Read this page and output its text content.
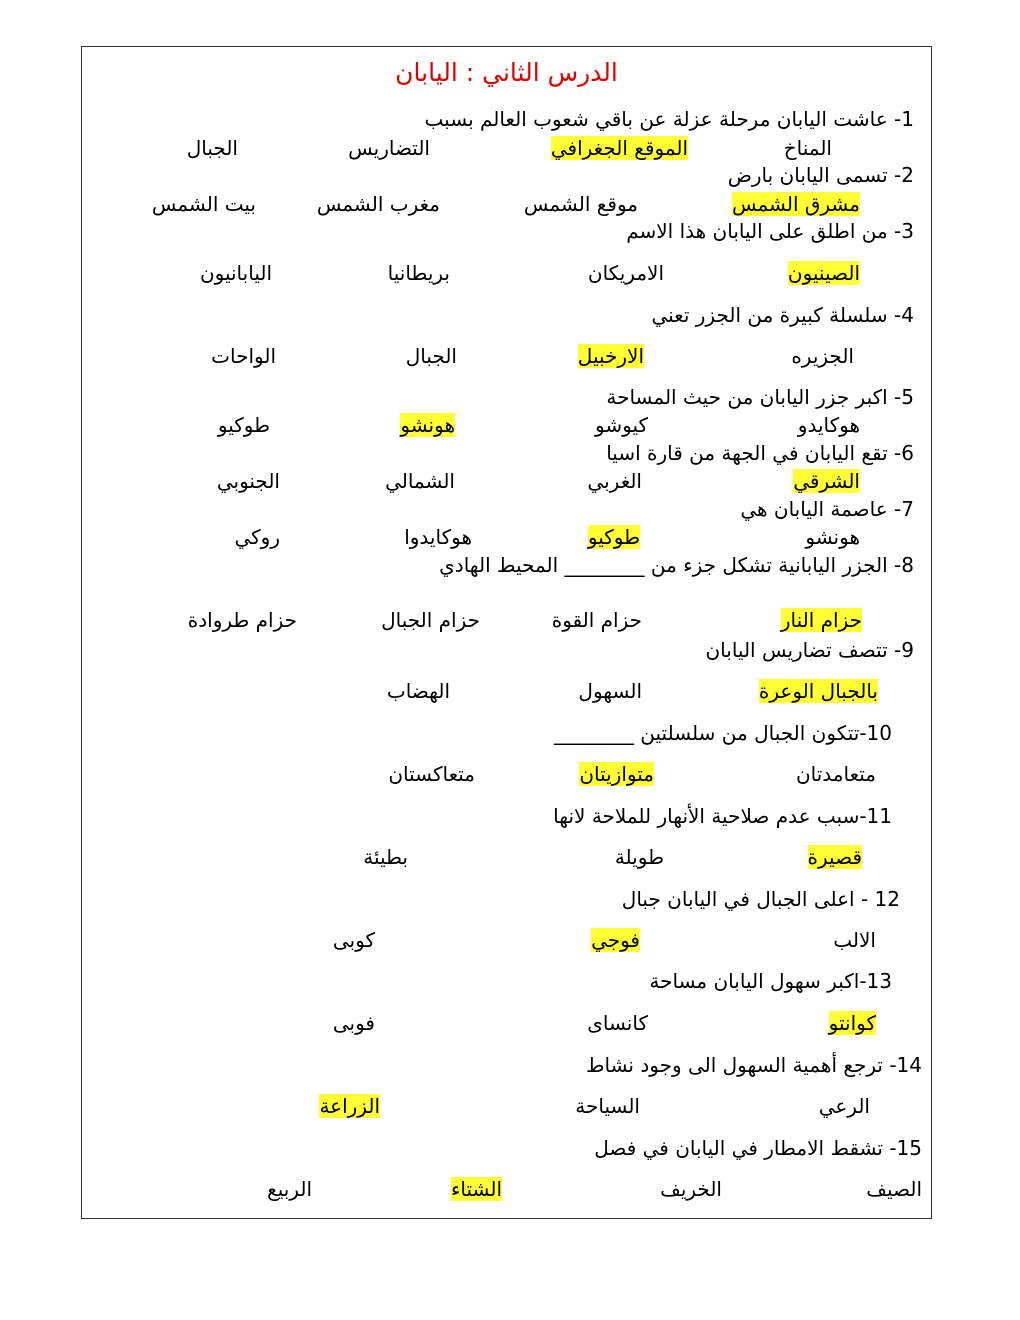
الدرس الثاني : اليابان
1- عاشت اليابان مرحلة عزلة عن باقي شعوب العالم بسبب
المناخ
الموقع الجغرافي
التضاريس
الجبال
2- تسمى اليابان بارض
مشرق الشمس
موقع الشمس
مغرب الشمس
بيت الشمس
3- من اطلق على اليابان هذا الاسم
الصينيون
الامريكان
بريطانيا
اليابانيون
4- سلسلة كبيرة من الجزر تعني
الجزيره
الارخبيل
الجبال
الواحات
5- اكبر جزر اليابان من حيث المساحة
هوكايدو
كيوشو
هونشو
طوكيو
6- تقع اليابان في الجهة من قارة اسيا
الشرقي
الغربي
الشمالي
الجنوبي
7- عاصمة اليابان هي
هونشو
طوكيو
هوكايدوا
روكي
8- الجزر اليابانية تشكل جزء من ________ المحيط الهادي
حزام النار
حزام القوة
حزام الجبال
حزام طروادة
9- تتصف تضاريس اليابان
بالجبال الوعرة
السهول
الهضاب
10-تتكون الجبال من سلسلتين ________
متعامدتان
متوازيتان
متعاكستان
11-سبب عدم صلاحية الأنهار للملاحة لانها
قصيرة
طويلة
بطيئة
12 - اعلى الجبال في اليابان جبال
الالب
فوجي
كوبى
13-اكبر سهول اليابان مساحة
كوانتو
كانساى
فوبى
14- ترجع أهمية السهول الى وجود نشاط
الرعي
السياحة
الزراعة
15- تشقط الامطار في اليابان في فصل
الصيف
الخريف
الشتاء
الربيع
